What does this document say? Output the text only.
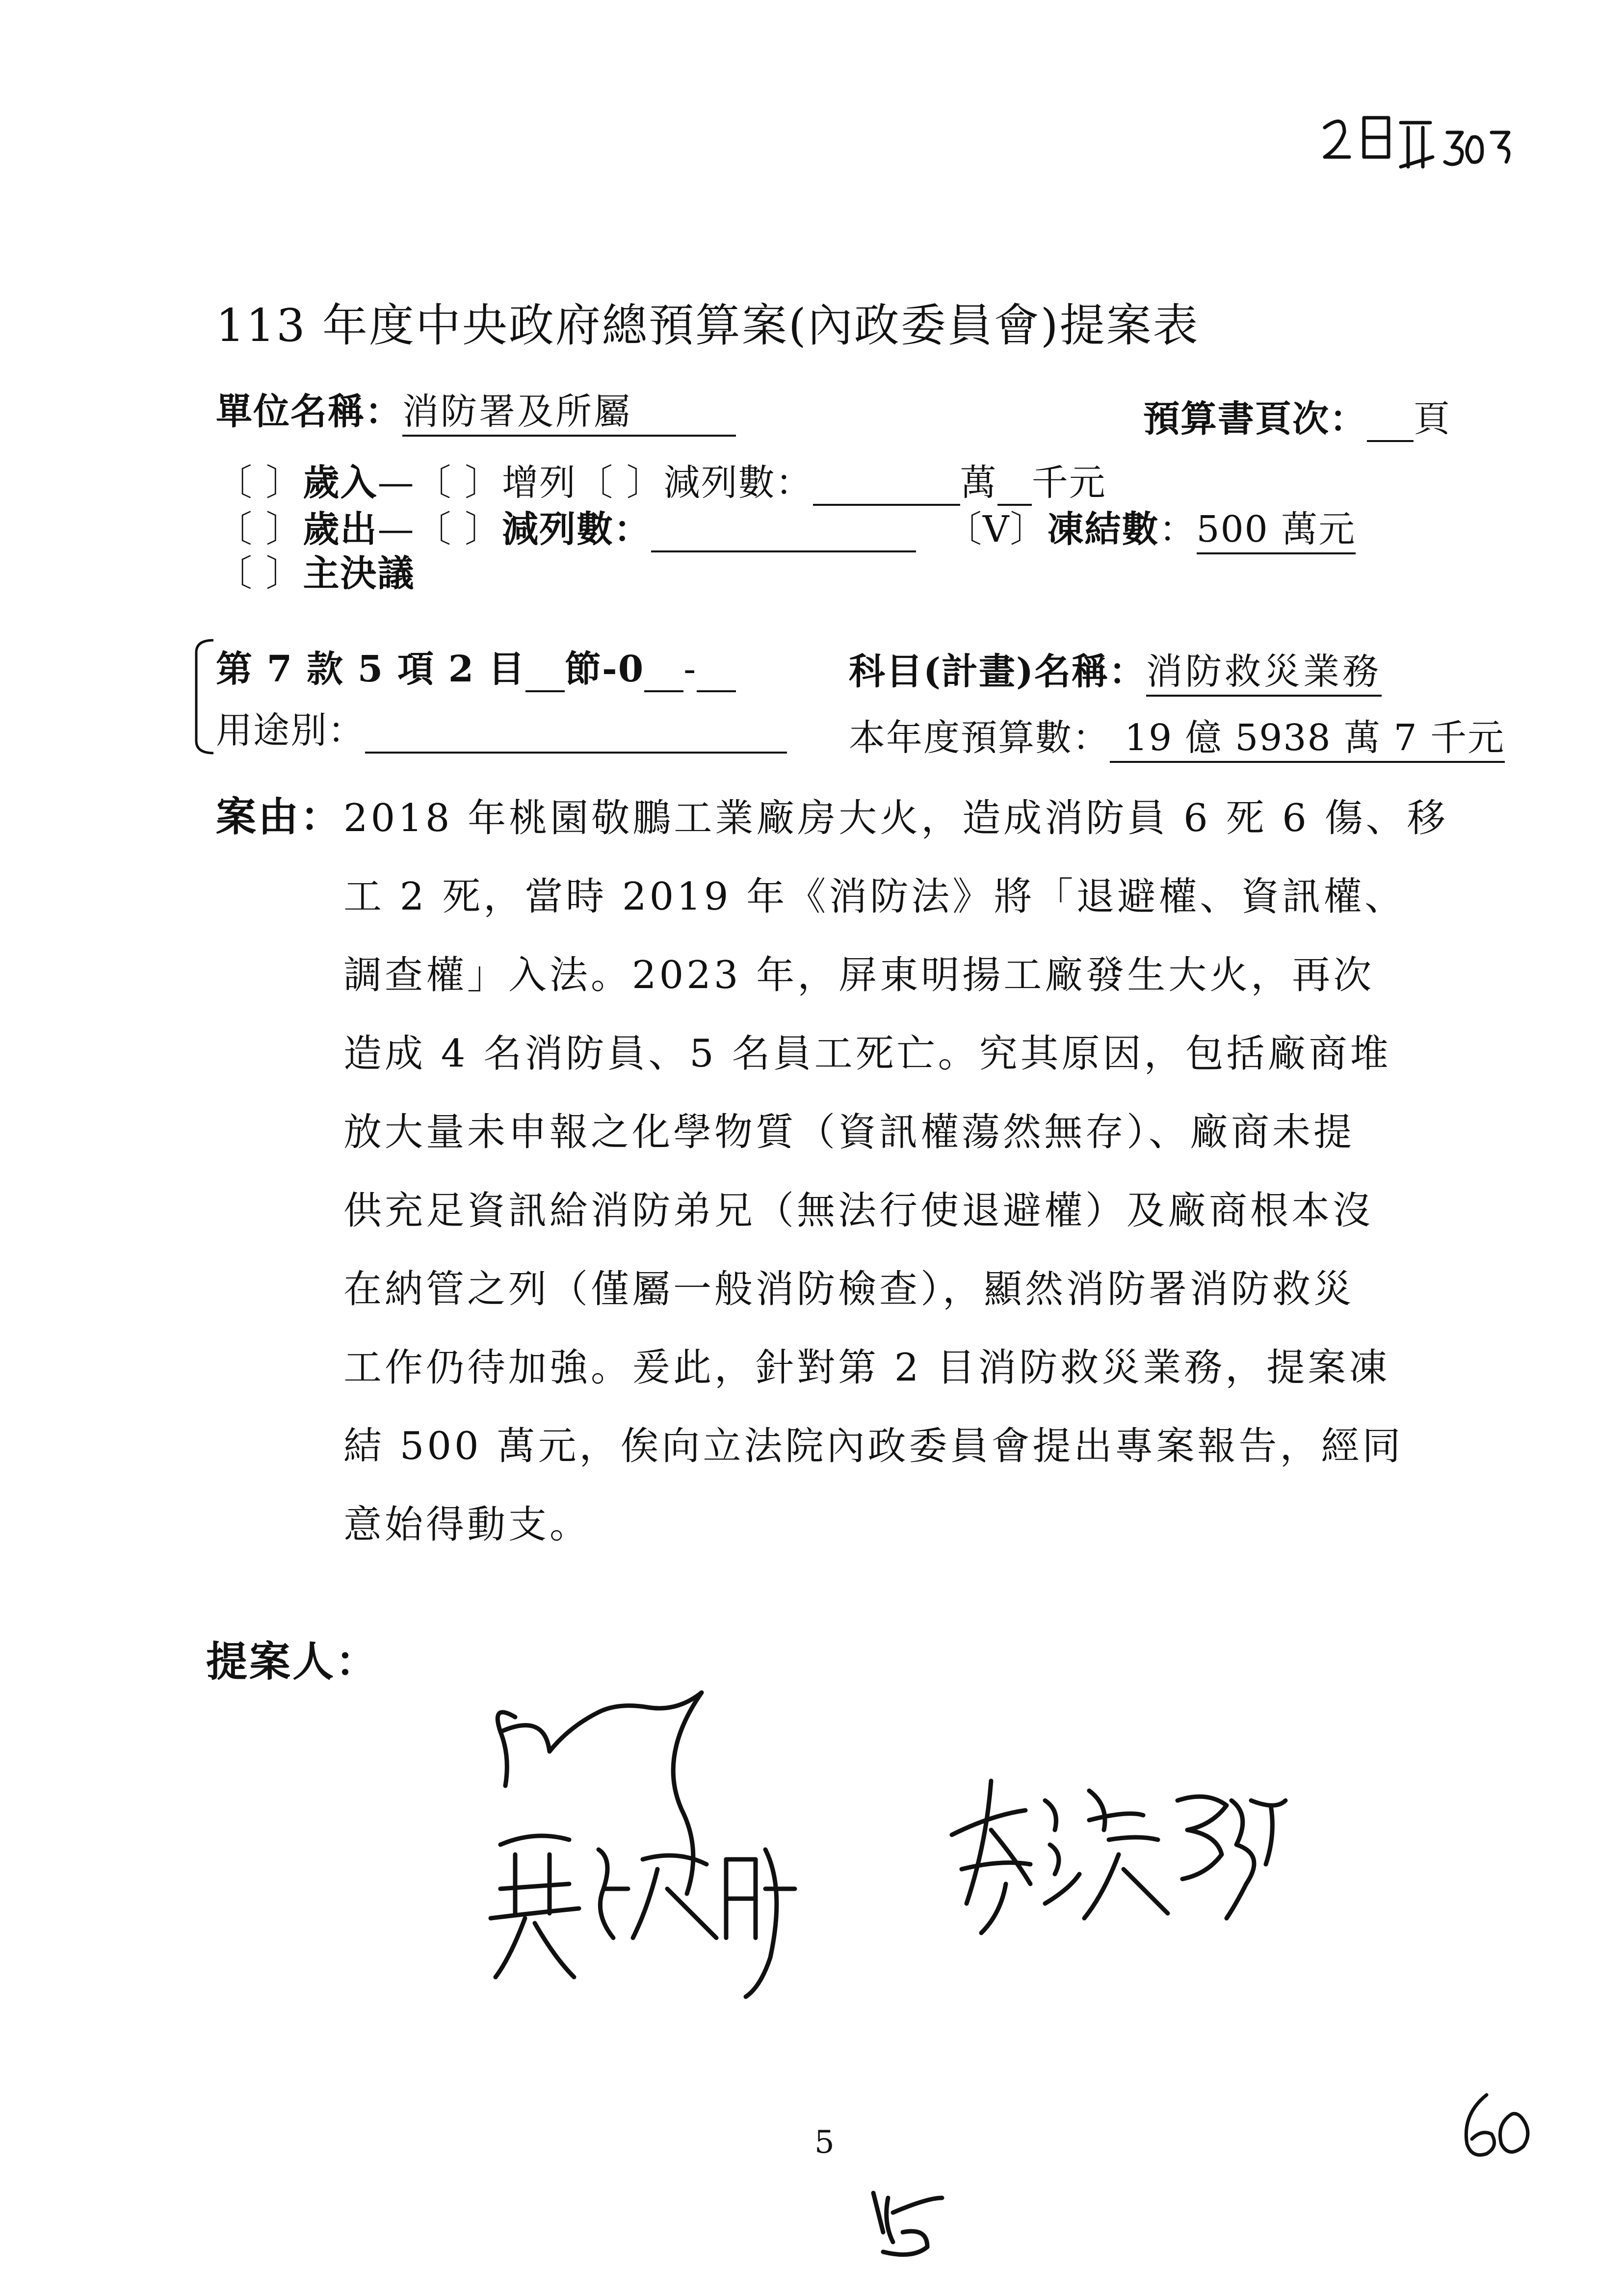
2日頭5005
113 年度中央政府總預算案(內政委員會)提案表
單位名稱：消防署及所屬	預算書頁次： 頁
〔 〕歲入—〔 〕增列〔 〕減列數：	萬 千元
〔 〕歲出—〔 〕減列數：	〔V〕凍結數：500 萬元
〔 〕主決議
第 7 款 5 項 2 目 節-0 -	科目(計畫)名稱：消防救災業務
用途別：	本年度預算數： 19 億 5938 萬 7 千元
案由： 2018 年桃園敬鵬工業廠房大火，造成消防員 6 死 6 傷、移
工 2 死，當時 2019 年《消防法》將「退避權、資訊權、
調查權」入法。2023 年，屏東明揚工廠發生大火，再次
造成 4 名消防員、5 名員工死亡。究其原因，包括廠商堆
放大量未申報之化學物質（資訊權蕩然無存）、廠商未提
供充足資訊給消防弟兄（無法行使退避權）及廠商根本沒
在納管之列（僅屬一般消防檢查），顯然消防署消防救災
工作仍待加強。爰此，針對第 2 目消防救災業務，提案凍
結 500 萬元，俟向立法院內政委員會提出專案報告，經同
意始得動支。
提案人：
5
